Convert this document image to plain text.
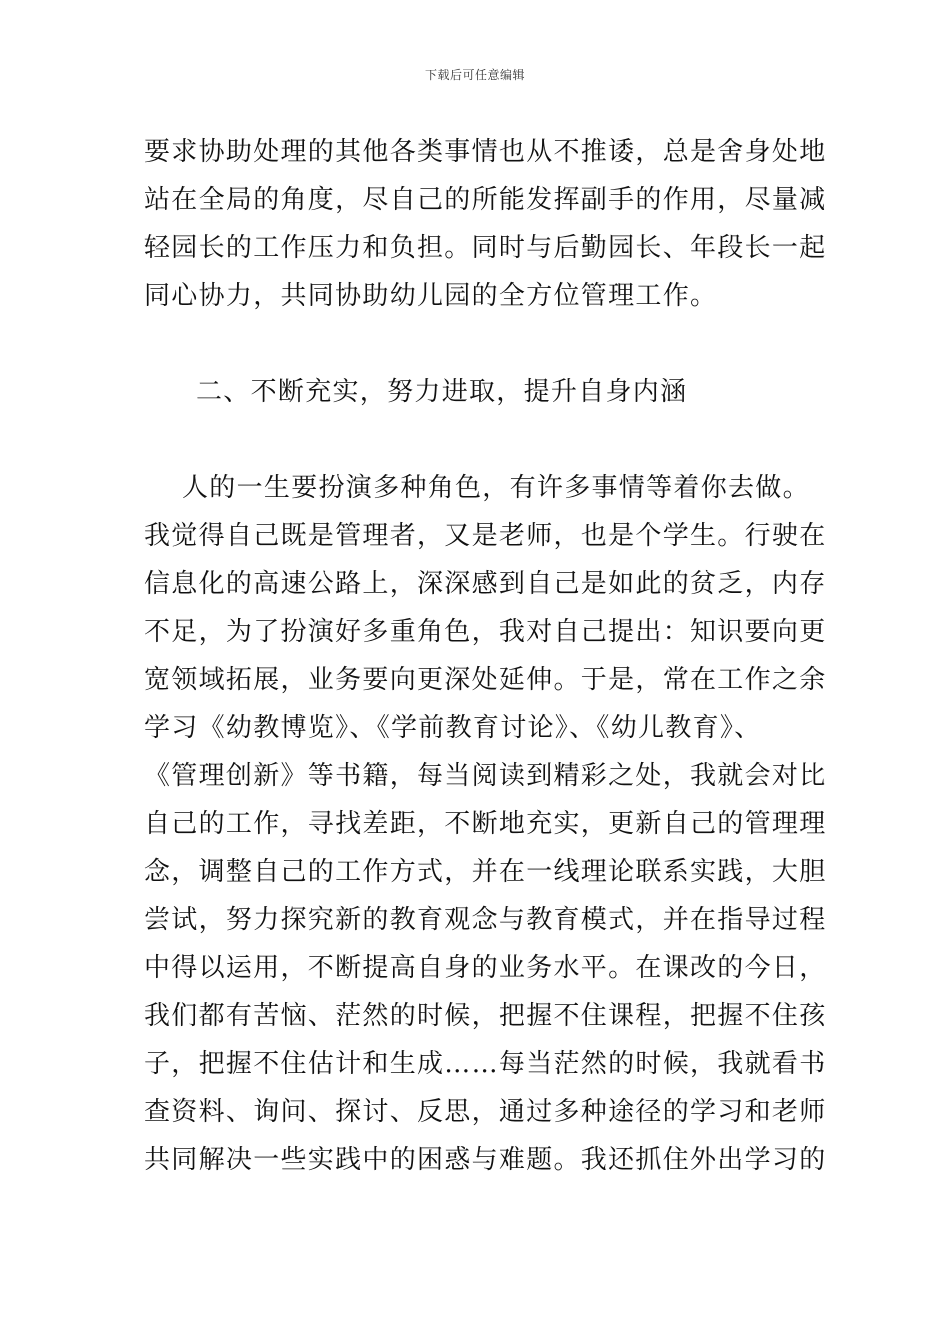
下载后可任意编辑
要求协助处理的其他各类事情也从不推诿，总是舍身处地
站在全局的角度，尽自己的所能发挥副手的作用，尽量减
轻园长的工作压力和负担。同时与后勤园长、年段长一起
同心协力，共同协助幼儿园的全方位管理工作。
二、不断充实，努力进取，提升自身内涵
人的一生要扮演多种角色，有许多事情等着你去做。
我觉得自己既是管理者，又是老师，也是个学生。行驶在
信息化的高速公路上，深深感到自己是如此的贫乏，内存
不足，为了扮演好多重角色，我对自己提出：知识要向更
宽领域拓展，业务要向更深处延伸。于是，常在工作之余
学习《幼教博览》、《学前教育讨论》、《幼儿教育》、
《管理创新》等书籍，每当阅读到精彩之处，我就会对比
自己的工作，寻找差距，不断地充实，更新自己的管理理
念，调整自己的工作方式，并在一线理论联系实践，大胆
尝试，努力探究新的教育观念与教育模式，并在指导过程
中得以运用，不断提高自身的业务水平。在课改的今日，
我们都有苦恼、茫然的时候，把握不住课程，把握不住孩
子，把握不住估计和生成……每当茫然的时候，我就看书
查资料、询问、探讨、反思，通过多种途径的学习和老师
共同解决一些实践中的困惑与难题。我还抓住外出学习的
